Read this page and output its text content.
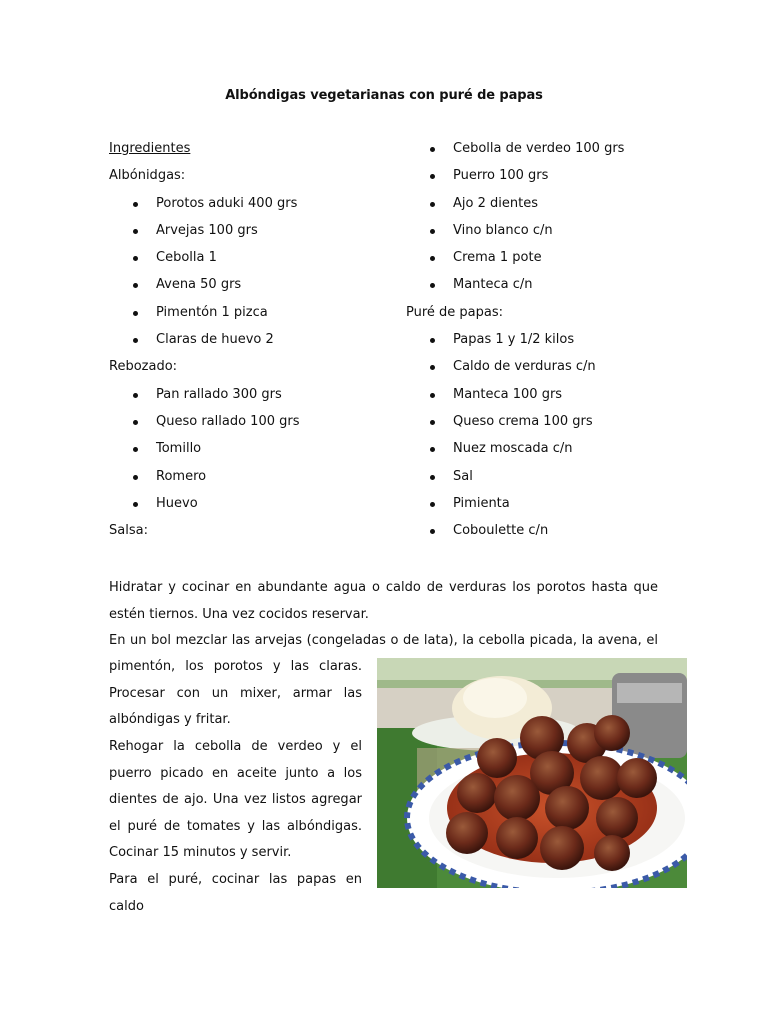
Albóndigas vegetarianas con puré de papas
Ingredientes
Albónidgas:
Porotos aduki 400 grs
Arvejas 100 grs
Cebolla 1
Avena 50 grs
Pimentón 1 pizca
Claras de huevo 2
Rebozado:
Pan rallado 300 grs
Queso rallado 100 grs
Tomillo
Romero
Huevo
Salsa:
Cebolla de verdeo 100 grs
Puerro 100 grs
Ajo 2 dientes
Vino blanco c/n
Crema 1 pote
Manteca c/n
Puré de papas:
Papas 1 y 1/2 kilos
Caldo de verduras c/n
Manteca 100 grs
Queso crema 100 grs
Nuez moscada c/n
Sal
Pimienta
Coboulette c/n
Hidratar y cocinar en abundante agua o caldo de verduras los porotos hasta que estén tiernos. Una vez cocidos reservar.
En un bol mezclar las arvejas (congeladas o de lata), la cebolla picada, la avena, el
pimentón, los porotos y las claras. Procesar con un mixer, armar las albóndigas y fritar.
Rehogar la cebolla de verdeo y el puerro picado en aceite junto a los dientes de ajo. Una vez listos agregar el puré de tomates y las albóndigas. Cocinar 15 minutos y servir.
Para el puré, cocinar las papas en caldo
